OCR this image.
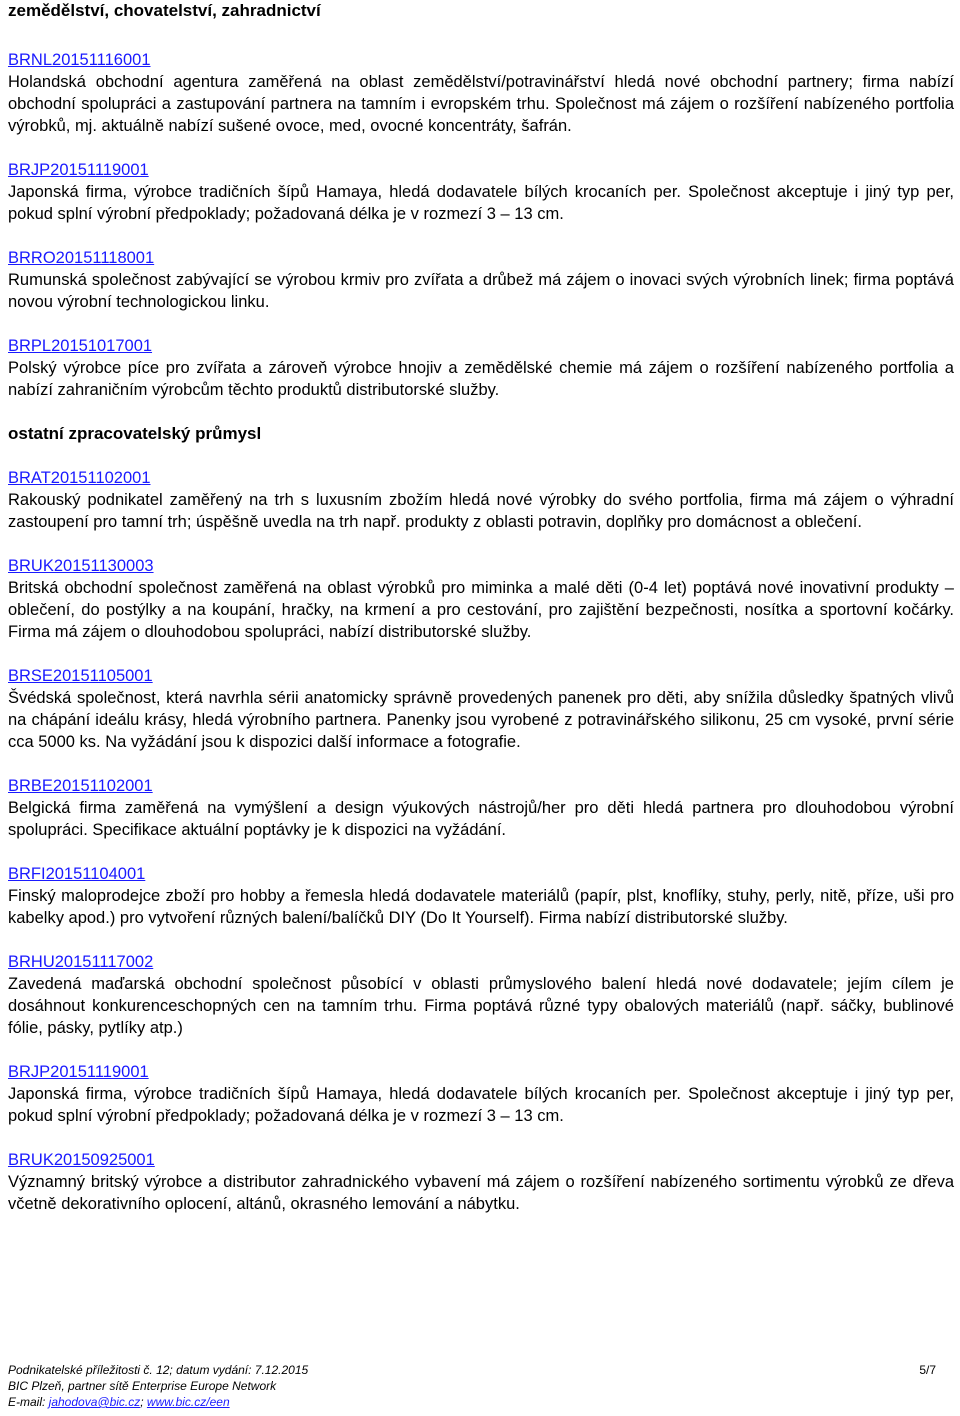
zemědělství, chovatelství, zahradnictví
BRNL20151116001

Holandská obchodní agentura zaměřená na oblast zemědělství/potravinářství hledá nové obchodní partnery; firma nabízí obchodní spolupráci a zastupování partnera na tamním i evropském trhu. Společnost má zájem o rozšíření nabízeného portfolia výrobků, mj. aktuálně nabízí sušené ovoce, med, ovocné koncentráty, šafrán.

BRJP20151119001

Japonská firma, výrobce tradičních šípů Hamaya, hledá dodavatele bílých krocaních per. Společnost akceptuje i jiný typ per, pokud splní výrobní předpoklady; požadovaná délka je v rozmezí 3 – 13 cm.

BRRO20151118001

Rumunská společnost zabývající se výrobou krmiv pro zvířata a drůbež má zájem o inovaci svých výrobních linek; firma poptává novou výrobní technologickou linku.

BRPL20151017001

Polský výrobce píce pro zvířata a zároveň výrobce hnojiv a zemědělské chemie má zájem o rozšíření nabízeného portfolia a nabízí zahraničním výrobcům těchto produktů distributorské služby.

ostatní zpracovatelský průmysl
BRAT20151102001

Rakouský podnikatel zaměřený na trh s luxusním zbožím hledá nové výrobky do svého portfolia, firma má zájem o výhradní zastoupení pro tamní trh; úspěšně uvedla na trh např. produkty z oblasti potravin, doplňky pro domácnost a oblečení.

BRUK20151130003

Britská obchodní společnost zaměřená na oblast výrobků pro miminka a malé děti (0-4 let) poptává nové inovativní produkty – oblečení, do postýlky a na koupání, hračky, na krmení a pro cestování, pro zajištění bezpečnosti, nosítka a sportovní kočárky. Firma má zájem o dlouhodobou spolupráci, nabízí distributorské služby.

BRSE20151105001

Švédská společnost, která navrhla sérii anatomicky správně provedených panenek pro děti, aby snížila důsledky špatných vlivů na chápání ideálu krásy, hledá výrobního partnera. Panenky jsou vyrobené z potravinářského silikonu, 25 cm vysoké, první série cca 5000 ks. Na vyžádání jsou k dispozici další informace a fotografie.

BRBE20151102001

Belgická firma zaměřená na vymýšlení a design výukových nástrojů/her pro děti hledá partnera pro dlouhodobou výrobní spolupráci. Specifikace aktuální poptávky je k dispozici na vyžádání.

BRFI20151104001

Finský maloprodejce zboží pro hobby a řemesla hledá dodavatele materiálů (papír, plst, knoflíky, stuhy, perly, nitě, příze, uši pro kabelky apod.) pro vytvoření různých balení/balíčků DIY (Do It Yourself). Firma nabízí distributorské služby.

BRHU20151117002

Zavedená maďarská obchodní společnost působící v oblasti průmyslového balení hledá nové dodavatele; jejím cílem je dosáhnout konkurenceschopných cen na tamním trhu. Firma poptává různé typy obalových materiálů (např. sáčky, bublinové fólie, pásky, pytlíky atp.)

BRJP20151119001

Japonská firma, výrobce tradičních šípů Hamaya, hledá dodavatele bílých krocaních per. Společnost akceptuje i jiný typ per, pokud splní výrobní předpoklady; požadovaná délka je v rozmezí 3 – 13 cm.

BRUK20150925001

Významný britský výrobce a distributor zahradnického vybavení má zájem o rozšíření nabízeného sortimentu výrobků ze dřeva včetně dekorativního oplocení, altánů, okrasného lemování a nábytku.

Podnikatelské příležitosti č. 12; datum vydání: 7.12.2015	5/7
BIC Plzeň, partner sítě Enterprise Europe Network
E-mail: jahodova@bic.cz; www.bic.cz/een
